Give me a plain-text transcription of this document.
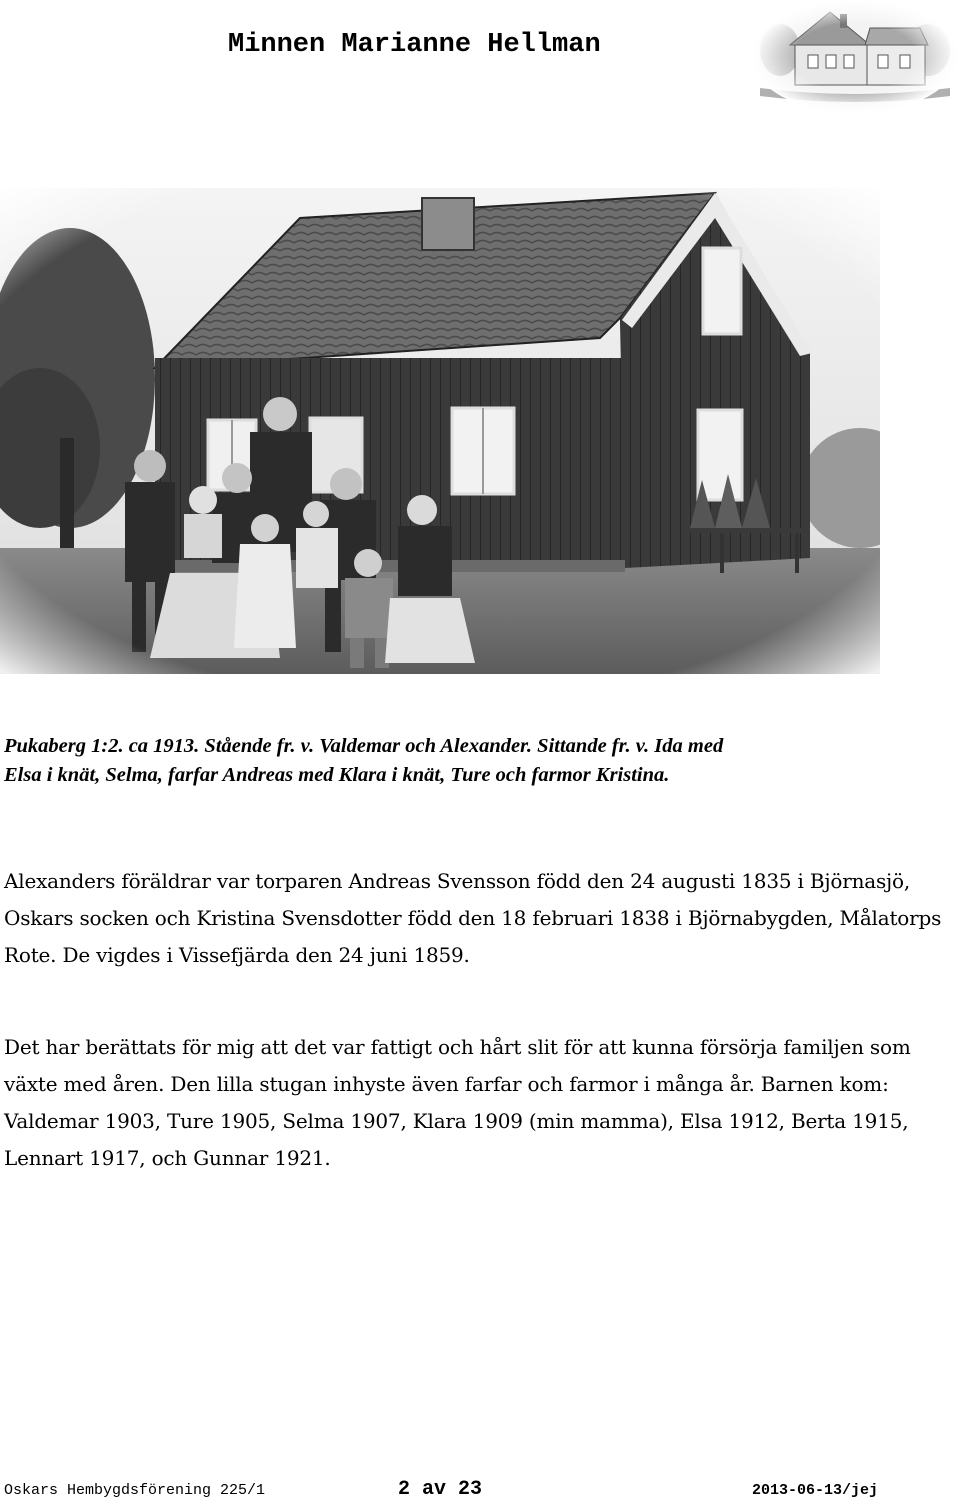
Minnen Marianne Hellman
Pukaberg 1:2. ca 1913. Stående fr. v. Valdemar och Alexander. Sittande fr. v. Ida med
Elsa i knät, Selma, farfar Andreas med Klara i knät, Ture och farmor Kristina.
Alexanders föräldrar var torparen Andreas Svensson född den 24 augusti 1835 i Björnasjö, Oskars socken och Kristina Svensdotter född den 18 februari 1838 i Björnabygden, Målatorps Rote. De vigdes i Vissefjärda den 24 juni 1859.
Det har berättats för mig att det var fattigt och hårt slit för att kunna försörja familjen som växte med åren. Den lilla stugan inhyste även farfar och farmor i många år. Barnen kom: Valdemar 1903, Ture 1905, Selma 1907, Klara 1909 (min mamma), Elsa 1912, Berta 1915, Lennart 1917, och Gunnar 1921.
Oskars Hembygdsförening 225/1	2 av 23	2013-06-13/jej
